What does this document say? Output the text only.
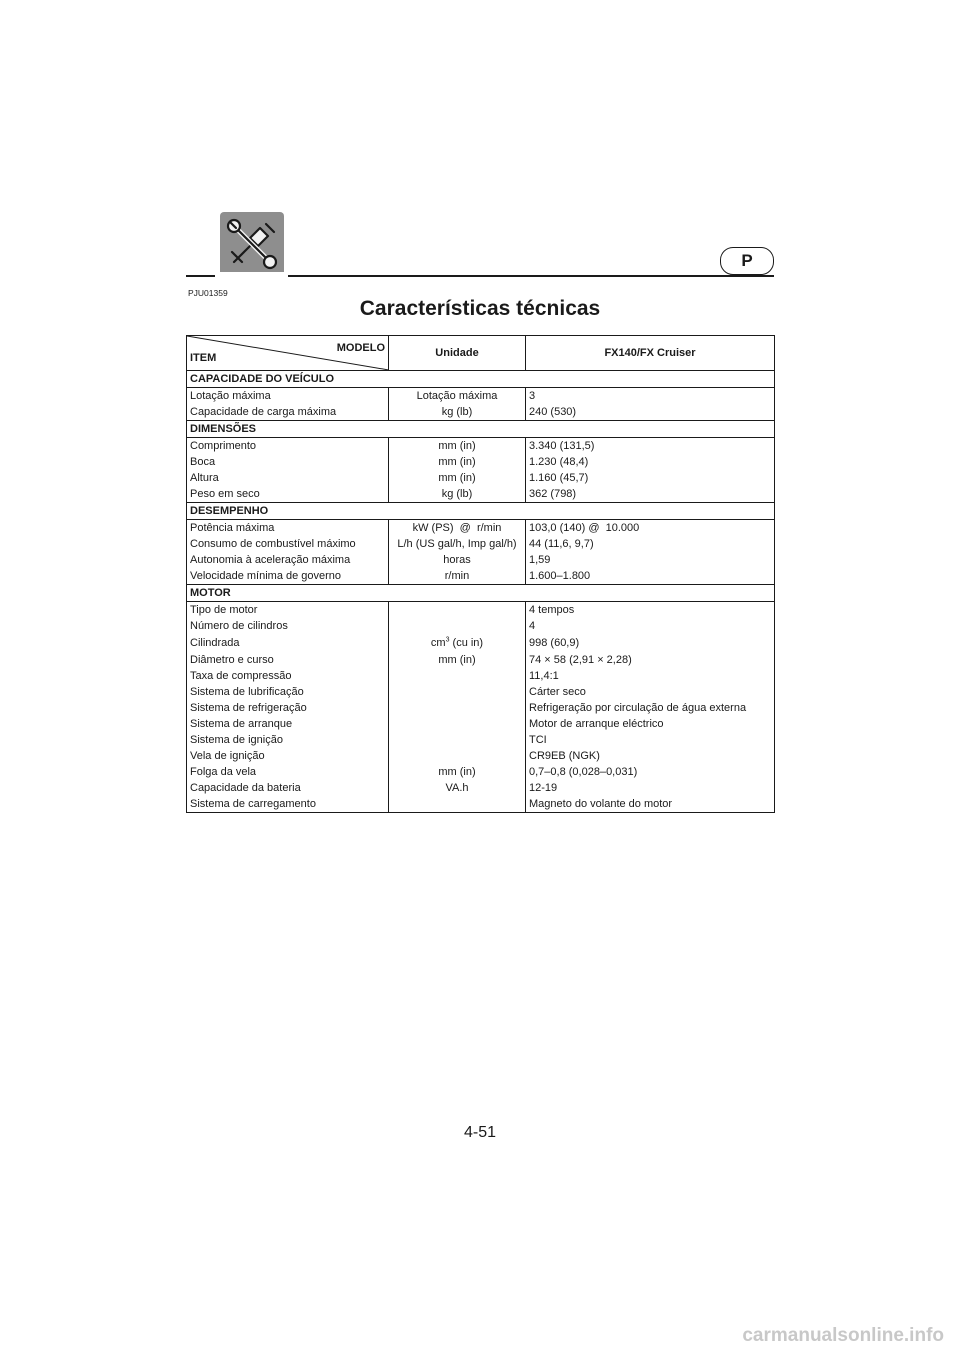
P
PJU01359
Características técnicas
MODELO
ITEM	Unidade	FX140/FX Cruiser
CAPACIDADE DO VEÍCULO		
Lotação máxima	Lotação máxima	3
Capacidade de carga máxima	kg (lb)	240 (530)
DIMENSÕES		
Comprimento	mm (in)	3.340 (131,5)
Boca	mm (in)	1.230 (48,4)
Altura	mm (in)	1.160 (45,7)
Peso em seco	kg (lb)	362 (798)
DESEMPENHO		
Potência máxima	kW (PS)  @  r/min	103,0 (140) @  10.000
Consumo de combustível máximo	L/h (US gal/h, Imp gal/h)	44 (11,6, 9,7)
Autonomia à aceleração máxima	horas	1,59
Velocidade mínima de governo	r/min	1.600–1.800
MOTOR		
Tipo de motor		4 tempos
Número de cilindros		4
Cilindrada	$cm^3$ (cu in)	998 (60,9)
Diâmetro e curso	mm (in)	74 × 58 (2,91 × 2,28)
Taxa de compressão		11,4:1
Sistema de lubrificação		Cárter seco
Sistema de refrigeração		Refrigeração por circulação de água externa
Sistema de arranque		Motor de arranque eléctrico
Sistema de ignição		TCI
Vela de ignição		CR9EB (NGK)
Folga da vela	mm (in)	0,7–0,8 (0,028–0,031)
Capacidade da bateria	VA.h	12-19
Sistema de carregamento		Magneto do volante do motor
4-51
carmanualsonline.info
